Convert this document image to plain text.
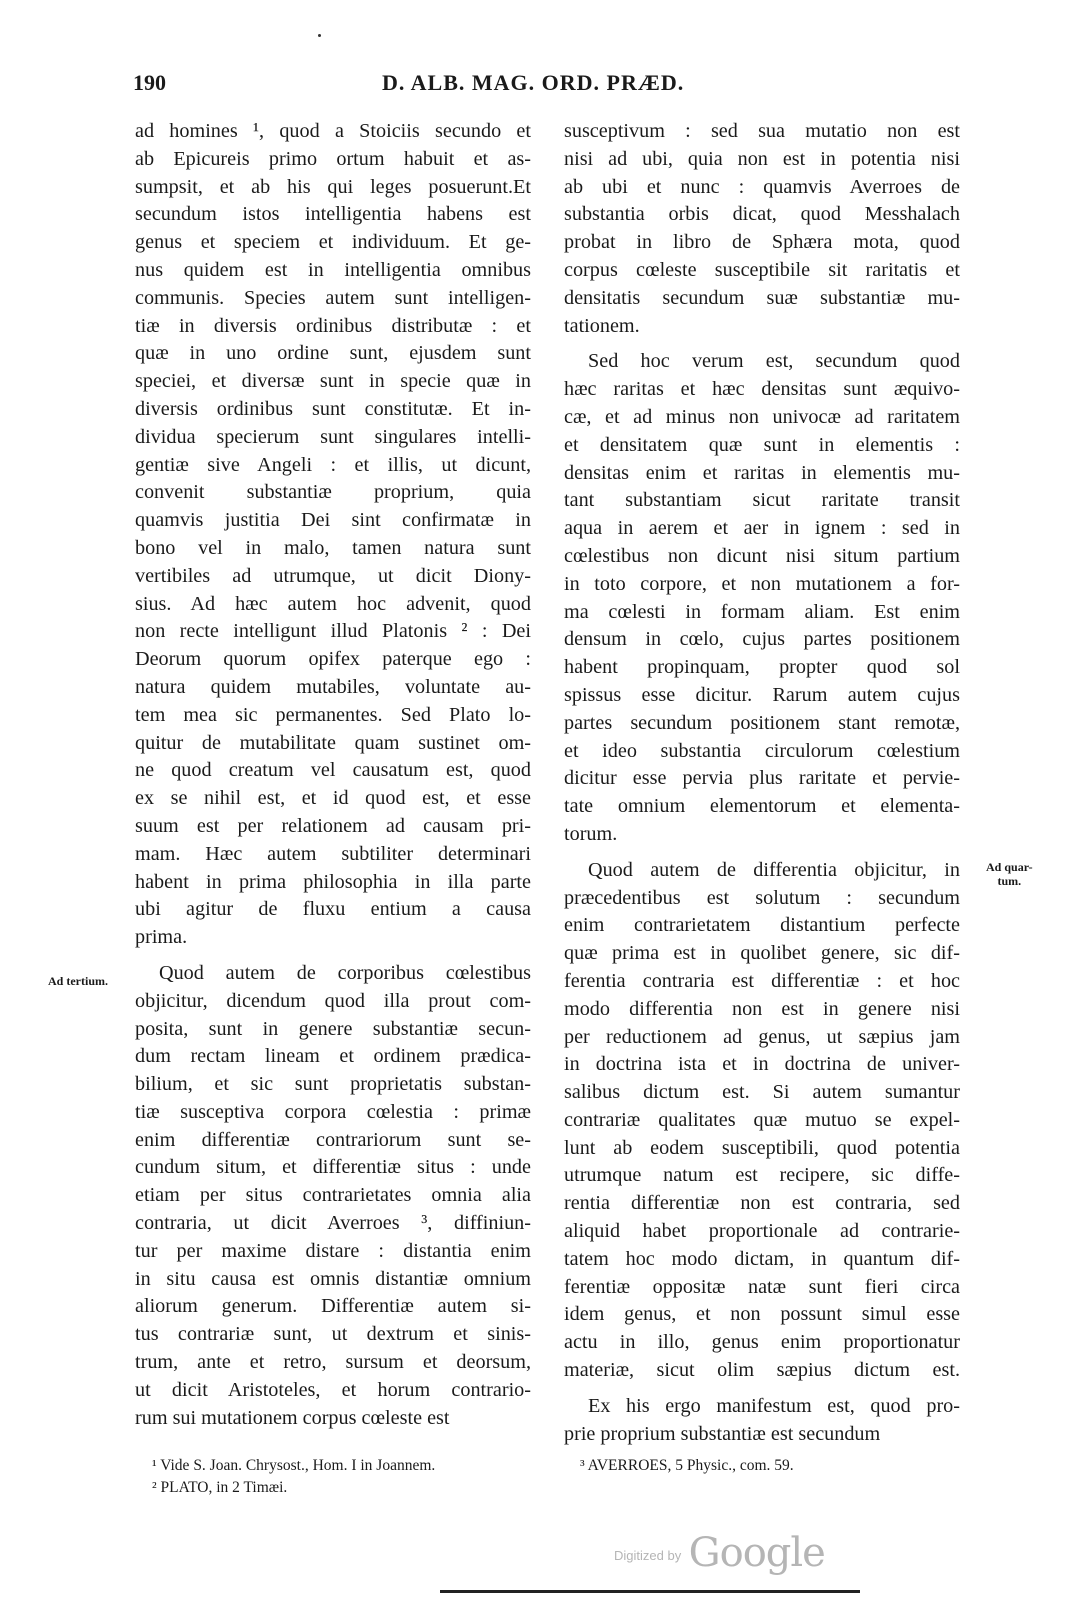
190	D. ALB. MAG. ORD. PRÆD.
ad homines ¹, quod a Stoiciis secundo et
ab Epicureis primo ortum habuit et as-
sumpsit, et ab his qui leges posuerunt.Et
secundum istos intelligentia habens est
genus et speciem et individuum. Et ge-
nus quidem est in intelligentia omnibus
communis. Species autem sunt intelligen-
tiæ in diversis ordinibus distributæ : et
quæ in uno ordine sunt, ejusdem sunt
speciei, et diversæ sunt in specie quæ in
diversis ordinibus sunt constitutæ. Et in-
dividua specierum sunt singulares intelli-
gentiæ sive Angeli : et illis, ut dicunt,
convenit substantiæ proprium, quia
quamvis justitia Dei sint confirmatæ in
bono vel in malo, tamen natura sunt
vertibiles ad utrumque, ut dicit Diony-
sius. Ad hæc autem hoc advenit, quod
non recte intelligunt illud Platonis ² : Dei
Deorum quorum opifex paterque ego :
natura quidem mutabiles, voluntate au-
tem mea sic permanentes. Sed Plato lo-
quitur de mutabilitate quam sustinet om-
ne quod creatum vel causatum est, quod
ex se nihil est, et id quod est, et esse
suum est per relationem ad causam pri-
mam. Hæc autem subtiliter determinari
habent in prima philosophia in illa parte
ubi agitur de fluxu entium a causa
prima.
Quod autem de corporibus cœlestibus
objicitur, dicendum quod illa prout com-
posita, sunt in genere substantiæ secun-
dum rectam lineam et ordinem prædica-
bilium, et sic sunt proprietatis substan-
tiæ susceptiva corpora cœlestia : primæ
enim differentiæ contrariorum sunt se-
cundum situm, et differentiæ situs : unde
etiam per situs contrarietates omnia alia
contraria, ut dicit Averroes ³, diffiniun-
tur per maxime distare : distantia enim
in situ causa est omnis distantiæ omnium
aliorum generum. Differentiæ autem si-
tus contrariæ sunt, ut dextrum et sinis-
trum, ante et retro, sursum et deorsum,
ut dicit Aristoteles, et horum contrario-
rum sui mutationem corpus cœleste est
susceptivum : sed sua mutatio non est
nisi ad ubi, quia non est in potentia nisi
ab ubi et nunc : quamvis Averroes de
substantia orbis dicat, quod Messhalach
probat in libro de Sphæra mota, quod
corpus cœleste susceptibile sit raritatis et
densitatis secundum suæ substantiæ mu-
tationem.
Sed hoc verum est, secundum quod
hæc raritas et hæc densitas sunt æquivo-
cæ, et ad minus non univocæ ad raritatem
et densitatem quæ sunt in elementis :
densitas enim et raritas in elementis mu-
tant substantiam sicut raritate transit
aqua in aerem et aer in ignem : sed in
cœlestibus non dicunt nisi situm partium
in toto corpore, et non mutationem a for-
ma cœlesti in formam aliam. Est enim
densum in cœlo, cujus partes positionem
habent propinquam, propter quod sol
spissus esse dicitur. Rarum autem cujus
partes secundum positionem stant remotæ,
et ideo substantia circulorum cœlestium
dicitur esse pervia plus raritate et pervie-
tate omnium elementorum et elementa-
torum.
Quod autem de differentia objicitur, in
præcedentibus est solutum : secundum
enim contrarietatem distantium perfecte
quæ prima est in quolibet genere, sic dif-
ferentia contraria est differentiæ : et hoc
modo differentia non est in genere nisi
per reductionem ad genus, ut sæpius jam
in doctrina ista et in doctrina de univer-
salibus dictum est. Si autem sumantur
contrariæ qualitates quæ mutuo se expel-
lunt ab eodem susceptibili, quod potentia
utrumque natum est recipere, sic diffe-
rentia differentiæ non est contraria, sed
aliquid habet proportionale ad contrarie-
tatem hoc modo dictam, in quantum dif-
ferentiæ oppositæ natæ sunt fieri circa
idem genus, et non possunt simul esse
actu in illo, genus enim proportionatur
materiæ, sicut olim sæpius dictum est.
Ex his ergo manifestum est, quod pro-
prie proprium substantiæ est secundum
Ad tertium.
Ad quar-
tum.
¹ Vide S. Joan. Chrysost., Hom. I in Joannem.
² PLATO, in 2 Timæi.
³ AVERROES, 5 Physic., com. 59.
$^{Digitized by}$ Google
